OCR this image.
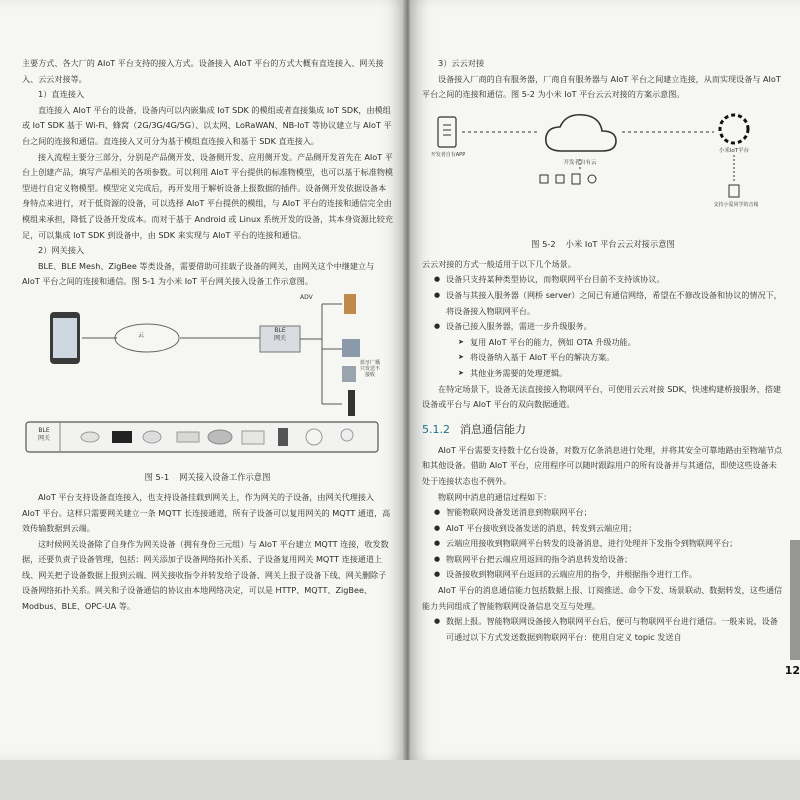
主要方式、各大厂的 AIoT 平台支持的接入方式。设备接入 AIoT 平台的方式大概有直连接入、网关接入、云云对接等。

1）直连接入

直连接入 AIoT 平台的设备，设备内可以内嵌集成 IoT SDK 的模组或者直接集成 IoT SDK，由模组或 IoT SDK 基于 Wi-Fi、蜂窝（2G/3G/4G/5G）、以太网、LoRaWAN、NB-IoT 等协议建立与 AIoT 平台之间的连接和通信。直连接入又可分为基于模组直连接入和基于 SDK 直连接入。

接入流程主要分三部分，分别是产品侧开发、设备侧开发、应用侧开发。产品侧开发首先在 AIoT 平台上创建产品，填写产品相关的各项参数。可以利用 AIoT 平台提供的标准物模型，也可以基于标准物模型进行自定义物模型。模型定义完成后，再开发用于解析设备上报数据的插件。设备侧开发依据设备本身特点来进行，对于低资源的设备，可以选择 AIoT 平台提供的模组，与 AIoT 平台的连接和通信完全由模组来承担，降低了设备开发成本。而对于基于 Android 或 Linux 系统开发的设备，其本身资源比较充足，可以集成 IoT SDK 到设备中，由 SDK 来实现与 AIoT 平台的连接和通信。

2）网关接入

BLE、BLE Mesh、ZigBee 等类设备，需要借助可挂载子设备的网关，由网关这个中继建立与 AIoT 平台之间的连接和通信。图 5-1 为小米 IoT 平台网关接入设备工作示意图。

云
ADV
BLE
网关
蓝牙广播
只发送不接收
BLE
网关
图 5-1 网关接入设备工作示意图

AIoT 平台支持设备直连接入，也支持设备挂载到网关上，作为网关的子设备，由网关代理接入 AIoT 平台。这样只需要网关建立一条 MQTT 长连接通道，所有子设备可以复用网关的 MQTT 通道，高效传输数据到云端。

这时候网关设备除了自身作为网关设备（拥有身份三元组）与 AIoT 平台建立 MQTT 连接，收发数据，还要负责子设备管理，包括：网关添加子设备网络拓扑关系、子设备复用网关 MQTT 连接通道上线、网关把子设备数据上报到云端、网关接收指令并转发给子设备、网关上报子设备下线、网关删除子设备网络拓扑关系。网关和子设备通信的协议由本地网络决定，可以是 HTTP、MQTT、ZigBee、Modbus、BLE、OPC-UA 等。

3）云云对接

设备接入厂商的自有服务器，厂商自有服务器与 AIoT 平台之间建立连接，从而实现设备与 AIoT 平台之间的连接和通信。图 5-2 为小米 IoT 平台云云对接的方案示意图。

开发者自有APP
开发者自有云
小米IoT平台
支持小爱同学的音箱
图 5-2 小米 IoT 平台云云对接示意图

云云对接的方式一般适用于以下几个场景。

● 设备只支持某种类型协议，而物联网平台目前不支持该协议。
● 设备与其接入服务器（网桥 server）之间已有通信网络，希望在不修改设备和协议的情况下，将设备接入物联网平台。
● 设备已接入服务器，需进一步升级服务。
➤ 复用 AIoT 平台的能力，例如 OTA 升级功能。
➤ 将设备纳入基于 AIoT 平台的解决方案。
➤ 其他业务需要的处理逻辑。

在特定场景下，设备无法直接接入物联网平台，可使用云云对接 SDK，快速构建桥接服务，搭建设备或平台与 AIoT 平台的双向数据通道。

5.1.2 消息通信能力

AIoT 平台需要支持数十亿台设备，对数万亿条消息进行处理，并将其安全可靠地路由至物端节点和其他设备。借助 AIoT 平台，应用程序可以随时跟踪用户的所有设备并与其通信，即使这些设备未处于连接状态也不例外。

物联网中消息的通信过程如下：

● 智能物联网设备发送消息到物联网平台；
● AIoT 平台接收到设备发送的消息，转发到云端应用；
● 云端应用接收到物联网平台转发的设备消息，进行处理并下发指令到物联网平台；
● 物联网平台把云端应用返回的指令消息转发给设备；
● 设备接收到物联网平台返回的云端应用的指令，并根据指令进行工作。

AIoT 平台的消息通信能力包括数据上报、订阅推送、命令下发、场景联动、数据转发，这些通信能力共同组成了智能物联网设备信息交互与处理。

● 数据上报。智能物联网设备接入物联网平台后，便可与物联网平台进行通信。一般来说，设备可通过以下方式发送数据到物联网平台：使用自定义 topic 发送自
12
